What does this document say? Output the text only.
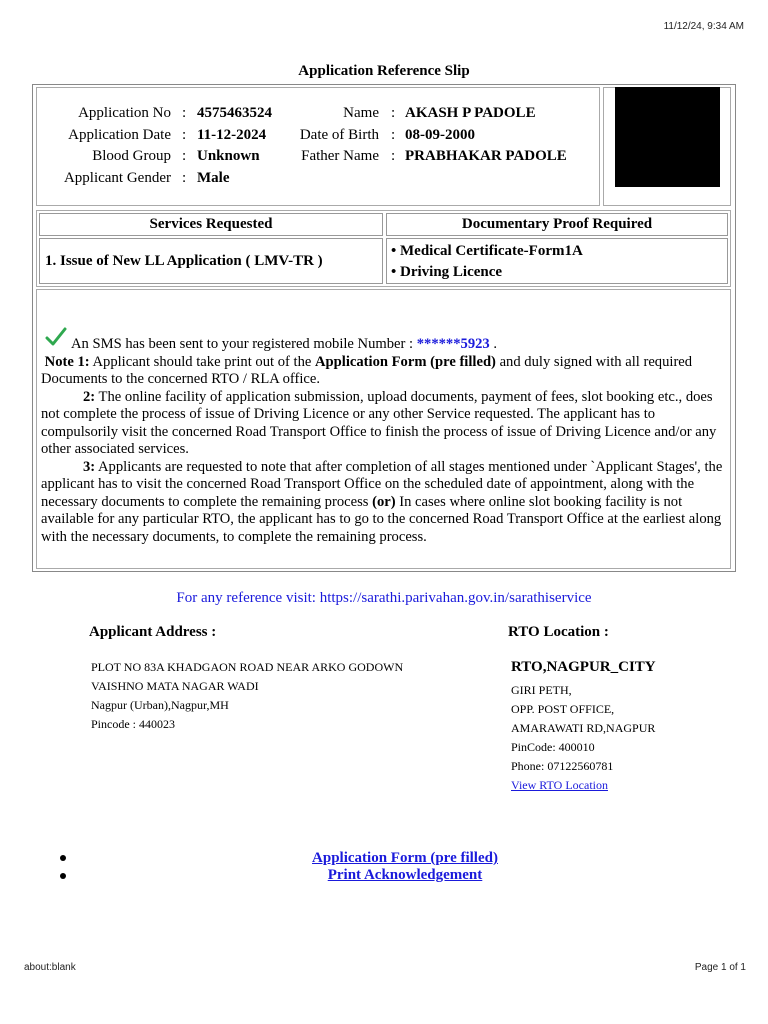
11/12/24, 9:34 AM
about:blank	Page 1 of 1
Application Reference Slip
Application No : 4575463524
Application Date : 11-12-2024
Blood Group : Unknown
Applicant Gender : Male
Name : AKASH P PADOLE
Date of Birth : 08-09-2000
Father Name : PRABHAKAR PADOLE
Services Requested	Documentary Proof Required
1. Issue of New LL Application ( LMV-TR )
• Medical Certificate-Form1A
• Driving Licence

An SMS has been sent to your registered mobile Number : ******5923 .

Note 1: Applicant should take print out of the Application Form (pre filled) and duly signed with all required Documents to the concerned RTO / RLA office.

2: The online facility of application submission, upload documents, payment of fees, slot booking etc., does not complete the process of issue of Driving Licence or any other Service requested. The applicant has to compulsorily visit the concerned Road Transport Office to finish the process of issue of Driving Licence and/or any other associated services.

3: Applicants are requested to note that after completion of all stages mentioned under `Applicant Stages', the applicant has to visit the concerned Road Transport Office on the scheduled date of appointment, along with the necessary documents to complete the remaining process (or) In cases where online slot booking facility is not available for any particular RTO, the applicant has to go to the concerned Road Transport Office at the earliest along with the necessary documents, to complete the remaining process.

For any reference visit: https://sarathi.parivahan.gov.in/sarathiservice
Applicant Address :
PLOT NO 83A KHADGAON ROAD NEAR ARKO GODOWN
VAISHNO MATA NAGAR WADI
Nagpur (Urban),Nagpur,MH
Pincode : 440023
RTO Location :
RTO,NAGPUR_CITY
GIRI PETH,
OPP. POST OFFICE,
AMARAWATI RD,NAGPUR
PinCode: 400010
Phone: 07122560781
View RTO Location
Application Form (pre filled)
Print Acknowledgement
